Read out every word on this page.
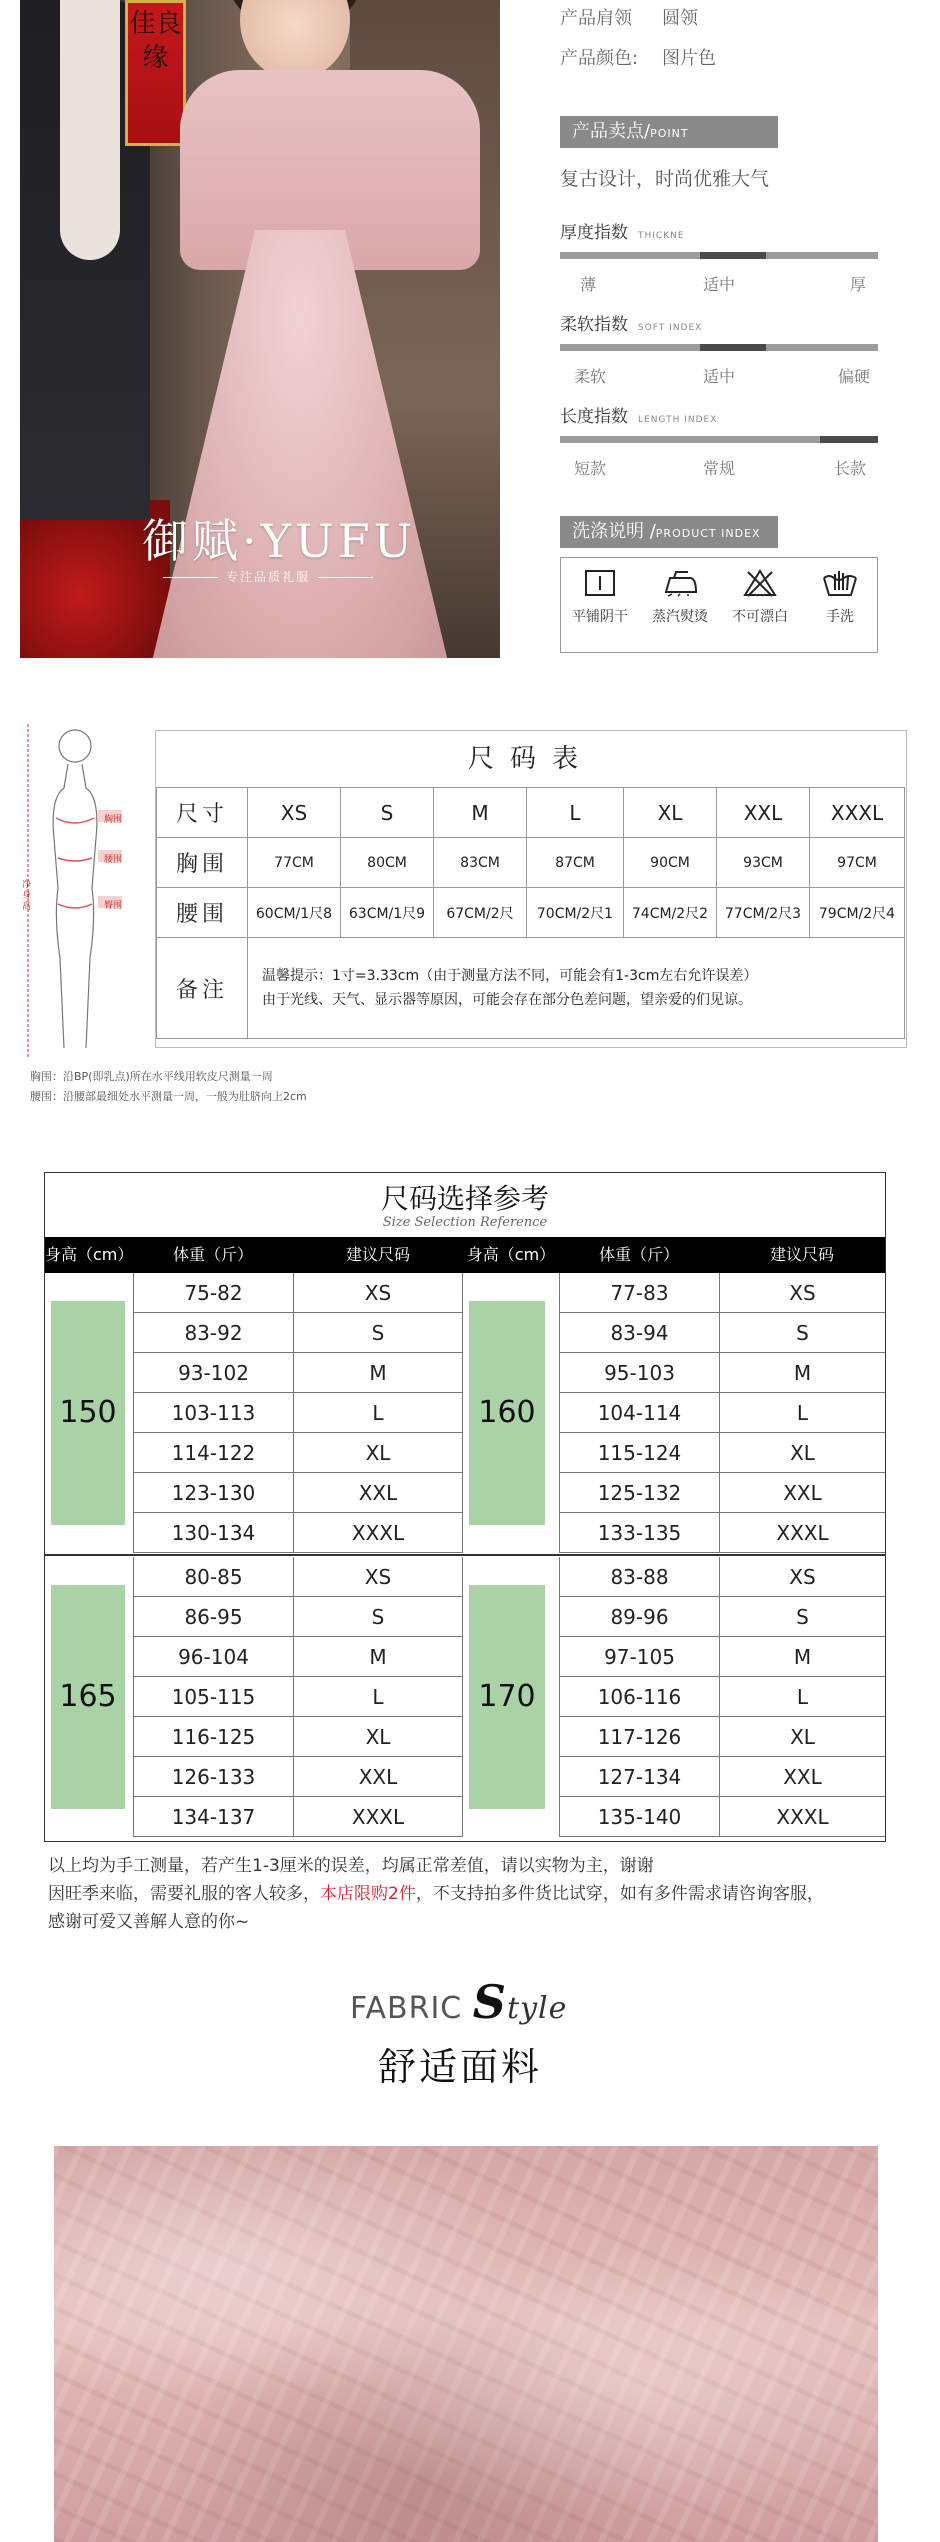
佳良缘
御赋·YUFU
专注品质礼服
产品肩领 圆领
产品颜色: 图片色
产品卖点/POINT
复古设计，时尚优雅大气
厚度指数 THICKNE
薄	适中	厚
柔软指数 SOFT INDEX
柔软	适中	偏硬
长度指数 LENGTH INDEX
短款	常规	长款
洗涤说明 /PRODUCT INDEX
平铺阴干	蒸汽熨烫	不可漂白	手洗
胸围
腰围
臀围
净身高
胸围：沿BP(即乳点)所在水平线用软皮尺测量一周
腰围：沿腰部最细处水平测量一周，一般为肚脐向上2cm
尺码表
尺寸	XS	S	M	L	XL	XXL	XXXL
胸围	77CM	80CM	83CM	87CM	90CM	93CM	97CM
腰围	60CM/1尺8	63CM/1尺9	67CM/2尺	70CM/2尺1	74CM/2尺2	77CM/2尺3	79CM/2尺4
备注	温馨提示：1寸=3.33cm（由于测量方法不同，可能会有1-3cm左右允许误差）
由于光线、天气、显示器等原因，可能会存在部分色差问题，望亲爱的们见谅。						
尺码选择参考
Size Selection Reference
身高（cm）	体重（斤）	建议尺码	身高（cm）	体重（斤）	建议尺码
150
75-82	XS
83-92	S
93-102	M
103-113	L
114-122	XL
123-130	XXL
130-134	XXXL
160
77-83	XS
83-94	S
95-103	M
104-114	L
115-124	XL
125-132	XXL
133-135	XXXL
165
80-85	XS
86-95	S
96-104	M
105-115	L
116-125	XL
126-133	XXL
134-137	XXXL
170
83-88	XS
89-96	S
97-105	M
106-116	L
117-126	XL
127-134	XXL
135-140	XXXL
以上均为手工测量，若产生1-3厘米的误差，均属正常差值，请以实物为主，谢谢
因旺季来临，需要礼服的客人较多，本店限购2件，不支持拍多件货比试穿，如有多件需求请咨询客服，
感谢可爱又善解人意的你~
FABRIC Style
舒适面料
